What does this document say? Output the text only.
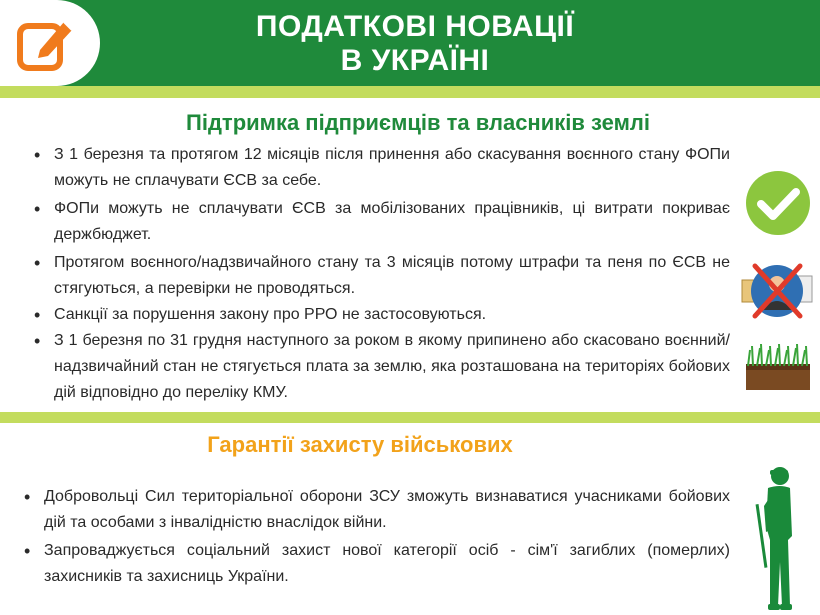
ПОДАТКОВІ НОВАЦІЇ
В УКРАЇНІ
Підтримка підприємців та власників землі
• З 1 березня та протягом 12 місяців після принення або скасування воєнного стану ФОПи можуть не сплачувати ЄСВ за себе.
• ФОПи можуть не сплачувати ЄСВ за мобілізованих працівників, ці витрати покриває держбюджет.
• Протягом воєнного/надзвичайного стану та 3 місяців потому штрафи та пеня по ЄСВ не стягуються, а перевірки не проводяться.
• Санкції за порушення закону про РРО не застосовуються.
• З 1 березня по 31 грудня наступного за роком в якому припинено або скасовано воєнний/надзвичайний стан не стягується плата за землю, яка розташована на територіях бойових дій відповідно до переліку КМУ.
Гарантії захисту військових
• Добровольці Сил територіальної оборони ЗСУ зможуть визнаватися учасниками бойових дій та особами з інвалідністю внаслідок війни.
• Запроваджується соціальний захист нової категорії осіб - сім'ї загиблих (померлих) захисників та захисниць України.
